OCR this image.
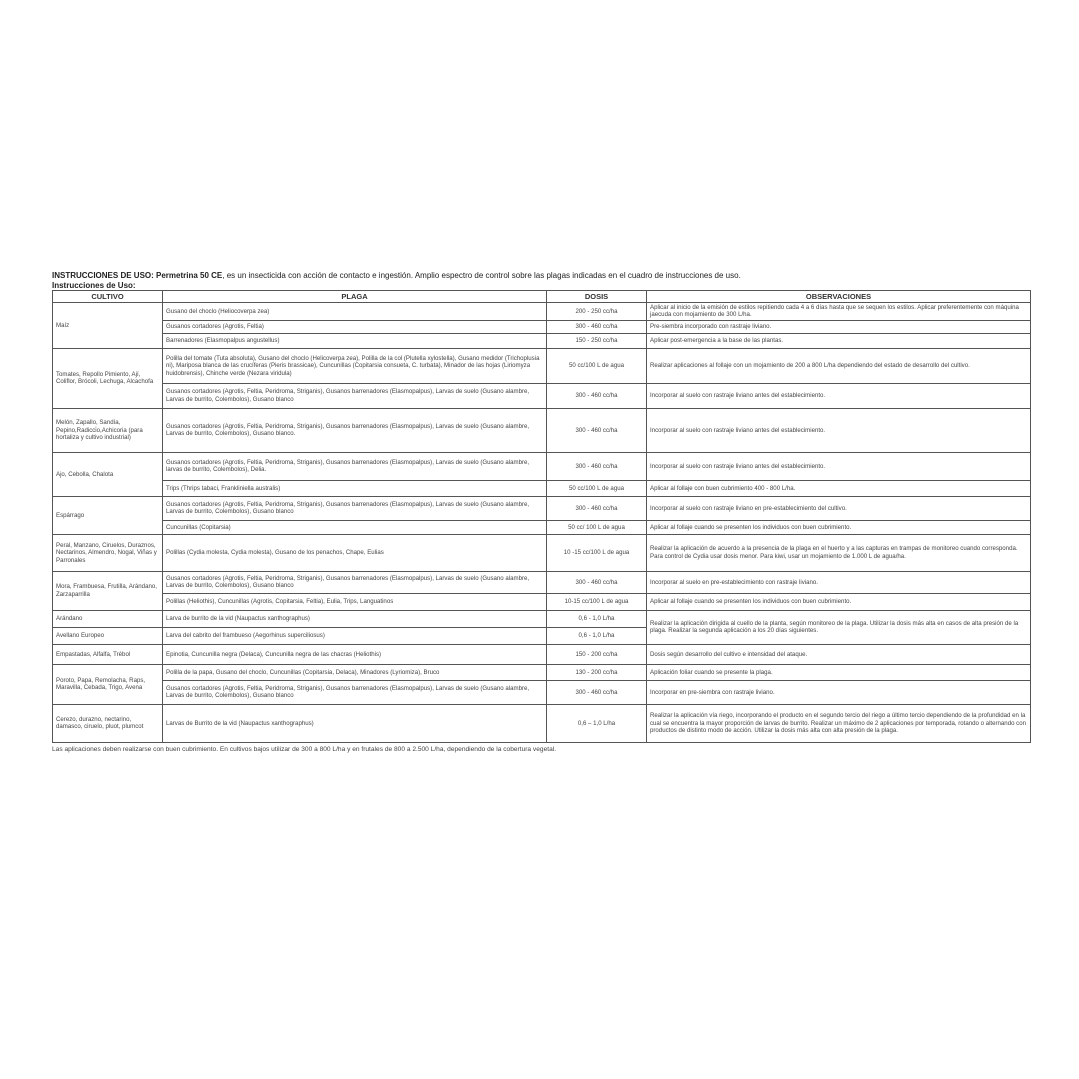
INSTRUCCIONES DE USO: Permetrina 50 CE, es un insecticida con acción de contacto e ingestión. Amplio espectro de control sobre las plagas indicadas en el cuadro de instrucciones de uso.
Instrucciones de Uso:
CULTIVO	PLAGA	DOSIS	OBSERVACIONES
Maíz	Gusano del choclo (Heliocoverpa zea)	200 - 250 cc/ha	Aplicar al inicio de la emisión de estilos repitiendo cada 4 a 6 días hasta que se sequen los estilos. Aplicar preferentemente con máquina jaecuda con mojamiento de 300 L/ha.
	Gusanos cortadores (Agrotis, Feltia)	300 - 460 cc/ha	Pre-siembra incorporado con rastraje liviano.
	Barrenadores (Elasmopalpus angustellus)	150 - 250 cc/ha	Aplicar post-emergencia a la base de las plantas.
Tomates, Repollo Pimiento, Ají, Coliflor, Brócoli, Lechuga, Alcachofa	Polilla del tomate (Tuta absoluta), Gusano del choclo (Helicoverpa zea), Polilla de la col (Plutella xylostella), Gusano medidor (Trichoplusia ni), Mariposa blanca de las crucíferas (Pieris brassicae), Cuncunillas (Copitarsia consueta, C. turbata), Minador de las hojas (Liriomyza huidobrensis), Chinche verde (Nezara viridula)	50 cc/100 L de agua	Realizar aplicaciones al follaje con un mojamiento de 200 a 800 L/ha dependiendo del estado de desarrollo del cultivo.
	Gusanos cortadores (Agrotis, Feltia, Peridroma, Striganis), Gusanos barrenadores (Elasmopalpus), Larvas de suelo (Gusano alambre, Larvas de burrito, Colembolos), Gusano blanco	300 - 460 cc/ha	Incorporar al suelo con rastraje liviano antes del establecimiento.
Melón, Zapallo, Sandía, Pepino,Radicci̇o,Achicoria (para hortaliza y cultivo industrial)	Gusanos cortadores (Agrotis, Feltia, Peridroma, Striganis), Gusanos barrenadores (Elasmopalpus), Larvas de suelo (Gusano alambre, Larvas de burrito, Colembolos), Gusano blanco.	300 - 460 cc/ha	Incorporar al suelo con rastraje liviano antes del establecimiento.
Ajo, Cebolla, Chalota	Gusanos cortadores (Agrotis, Feltia, Peridroma, Striganis), Gusanos barrenadores (Elasmopalpus), Larvas de suelo (Gusano alambre, larvas de burrito, Colembolos), Delia.	300 - 460 cc/ha	Incorporar al suelo con rastraje liviano antes del establecimiento.
	Trips (Thrips tabaci, Frankliniella australis)	50 cc/100 L de agua	Aplicar al follaje con buen cubrimiento 400 - 800 L/ha.
Espárrago	Gusanos cortadores (Agrotis, Feltia, Peridroma, Striganis), Gusanos barrenadores (Elasmopalpus), Larvas de suelo (Gusano alambre, Larvas de burrito, Colembolos), Gusano blanco	300 - 460 cc/ha	Incorporar al suelo con rastraje liviano en pre-establecimiento del cultivo.
	Cuncunillas (Copitarsia)	50 cc/ 100 L de agua	Aplicar al follaje cuando se presenten los individuos con buen cubrimiento.
Peral, Manzano, Ciruelos, Duraznos, Nectarinos, Almendro, Nogal, Viñas y Parronales	Polillas (Cydia molesta, Cydia molesta), Gusano de los penachos, Chape, Eulias	10 -15 cc/100 L de agua	Realizar la aplicación de acuerdo a la presencia de la plaga en el huerto y a las capturas en trampas de monitoreo cuando corresponda. Para control de Cydia usar dosis menor. Para kiwi, usar un mojamiento de 1.000 L de agua/ha.
Mora, Frambuesa, Frutilla, Arándano, Zarzaparrilla	Gusanos cortadores (Agrotis, Feltia, Peridroma, Striganis), Gusanos barrenadores (Elasmopalpus), Larvas de suelo (Gusano alambre, Larvas de burrito, Colembolos), Gusano blanco	300 - 460 cc/ha	Incorporar al suelo en pre-establecimiento con rastraje liviano.
	Polillas (Heliothis), Cuncunillas (Agrotis, Copitarsia, Feltia), Eulia, Trips, Languatinos	10-15 cc/100 L de agua	Aplicar al follaje cuando se presenten los individuos con buen cubrimiento.
Arándano	Larva de burrito de la vid (Naupactus xanthographus)	0,6 - 1,0 L/ha	Realizar la aplicación dirigida al cuello de la planta, según monitoreo de la plaga. Utilizar la dosis más alta en casos de alta presión de la plaga. Realizar la segunda aplicación a los 20 días siguientes.
Avellano Europeo	Larva del cabrito del frambueso (Aegorhinus superciliosus)	0,6 - 1,0 L/ha	
Empastadas, Alfalfa, Trébol	Epinotia, Cuncunilla negra (Delaca), Cuncunilla negra de las chacras (Heliothis)	150 - 200 cc/ha	Dosis según desarrollo del cultivo e intensidad del ataque.
Poroto, Papa, Remolacha, Raps, Maravilla, Cebada, Trigo, Avena	Polilla de la papa, Gusano del choclo, Cuncunillas (Copitarsia, Delaca), Minadores (Lyriomiza), Bruco	130 - 200 cc/ha	Aplicación foliar cuando se presente la plaga.
	Gusanos cortadores (Agrotis, Feltia, Peridroma, Striganis), Gusanos barrenadores (Elasmopalpus), Larvas de suelo (Gusano alambre, Larvas de burrito, Colembolos), Gusano blanco	300 - 460 cc/ha	Incorporar en pre-siembra con rastraje liviano.
Cerezo, durazno, nectarino, damasco, ciruelo, pluot, plumcot	Larvas de Burrito de la vid (Naupactus xanthographus)	0,6 – 1,0 L/ha	Realizar la aplicación vía riego, incorporando el producto en el segundo tercio del riego a último tercio dependiendo de la profundidad en la cual se encuentra la mayor proporción de larvas de burrito. Realizar un máximo de 2 aplicaciones por temporada, rotando o alternando con productos de distinto modo de acción. Utilizar la dosis más alta con alta presión de la plaga.
Las aplicaciones deben realizarse con buen cubrimiento. En cultivos bajos utilizar de 300 a 800 L/ha y en frutales de 800 a 2.500 L/ha, dependiendo de la cobertura vegetal.
